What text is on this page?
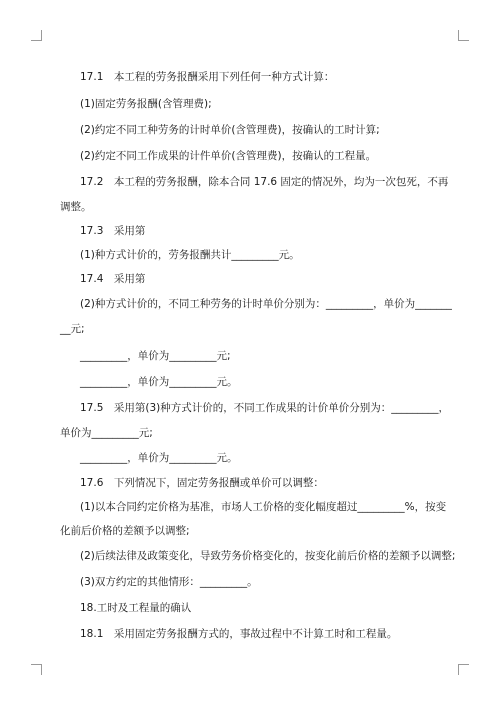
17.1　本工程的劳务报酬采用下列任何一种方式计算：
(1)固定劳务报酬(含管理费);
(2)约定不同工种劳务的计时单价(含管理费)，按确认的工时计算;
(2)约定不同工作成果的计件单价(含管理费)，按确认的工程量。
17.2　本工程的劳务报酬，除本合同 17.6 固定的情况外，均为一次包死，不再
调整。
17.3　采用第
(1)种方式计价的，劳务报酬共计_________元。
17.4　采用第
(2)种方式计价的，不同工种劳务的计时单价分别为：_________，单价为_______
__元;
_________，单价为_________元;
_________，单价为_________元。
17.5　采用第(3)种方式计价的，不同工作成果的计价单价分别为：_________，
单价为_________元;
_________，单价为_________元。
17.6　下列情况下，固定劳务报酬或单价可以调整：
(1)以本合同约定价格为基准，市场人工价格的变化幅度超过_________%，按变
化前后价格的差额予以调整;
(2)后续法律及政策变化，导致劳务价格变化的，按变化前后价格的差额予以调整;
(3)双方约定的其他情形：_________。
18.工时及工程量的确认
18.1　采用固定劳务报酬方式的，事故过程中不计算工时和工程量。
